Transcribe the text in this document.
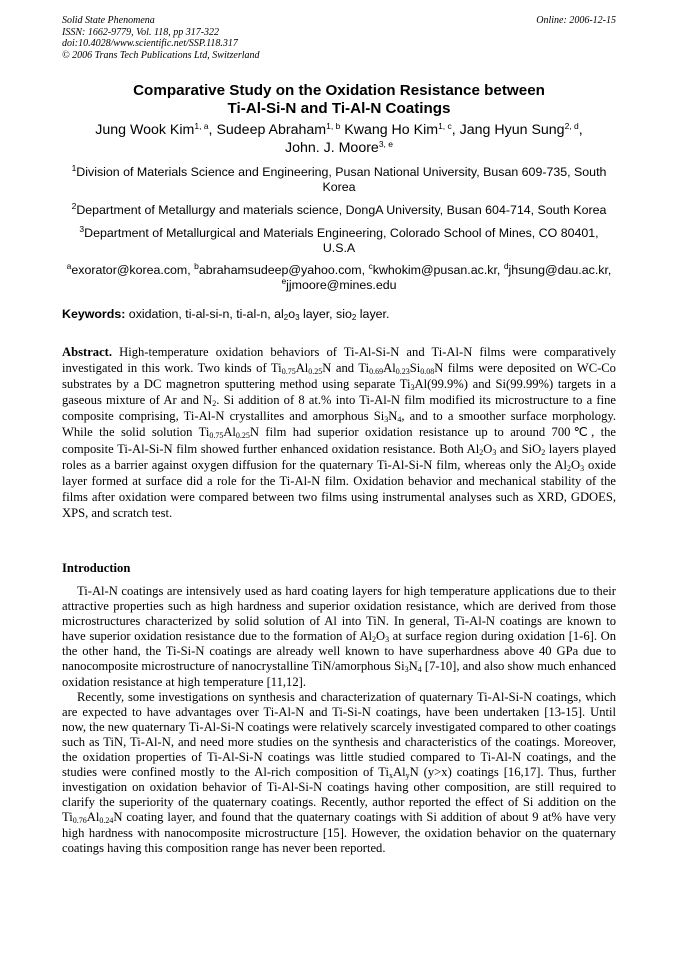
Solid State Phenomena
ISSN: 1662-9779, Vol. 118, pp 317-322
doi:10.4028/www.scientific.net/SSP.118.317
© 2006 Trans Tech Publications Ltd, Switzerland
Online: 2006-12-15
Comparative Study on the Oxidation Resistance between
Ti-Al-Si-N and Ti-Al-N Coatings
Jung Wook Kim$^{1, a}$, Sudeep Abraham$^{1, b}$ Kwang Ho Kim$^{1, c}$, Jang Hyun Sung$^{2, d}$,
John. J. Moore$^{3, e}$
$^1$Division of Materials Science and Engineering, Pusan National University, Busan 609-735, South Korea
$^2$Department of Metallurgy and materials science, DongA University, Busan 604-714, South Korea
$^3$Department of Metallurgical and Materials Engineering, Colorado School of Mines, CO 80401, U.S.A
$^a$exorator@korea.com, $^b$abrahamsudeep@yahoo.com, $^c$kwhokim@pusan.ac.kr, $^d$jhsung@dau.ac.kr,
$^e$jjmoore@mines.edu
Keywords: oxidation, ti-al-si-n, ti-al-n, $al_2o_3$ layer, sio$_2$ layer.

Abstract. High-temperature oxidation behaviors of Ti-Al-Si-N and Ti-Al-N films were comparatively investigated in this work. Two kinds of $Ti_{0.75}Al_{0.25}N$ and $Ti_{0.69}Al_{0.23}Si_{0.08}N$ films were deposited on WC-Co substrates by a DC magnetron sputtering method using separate $Ti_3Al(99.9\%)$ and Si(99.99%) targets in a gaseous mixture of Ar and $N_2$. Si addition of 8 at.% into Ti-Al-N film modified its microstructure to a fine composite comprising, Ti-Al-N crystallites and amorphous $Si_3N_4$, and to a smoother surface morphology. While the solid solution $Ti_{0.75}Al_{0.25}N$ film had superior oxidation resistance up to around 700℃, the composite Ti-Al-Si-N film showed further enhanced oxidation resistance. Both $Al_2O_3$ and SiO$_2$ layers played roles as a barrier against oxygen diffusion for the quaternary Ti-Al-Si-N film, whereas only the $Al_2O_3$ oxide layer formed at surface did a role for the Ti-Al-N film. Oxidation behavior and mechanical stability of the films after oxidation were compared between two films using instrumental analyses such as XRD, GDOES, XPS, and scratch test.

Introduction

Ti-Al-N coatings are intensively used as hard coating layers for high temperature applications due to their attractive properties such as high hardness and superior oxidation resistance, which are derived from those microstructures characterized by solid solution of Al into TiN. In general, Ti-Al-N coatings are known to have superior oxidation resistance due to the formation of $Al_2O_3$ at surface region during oxidation [1-6]. On the other hand, the Ti-Si-N coatings are already well known to have superhardness above 40 GPa due to nanocomposite microstructure of nanocrystalline TiN/amorphous $Si_3N_4$ [7-10], and also show much enhanced oxidation resistance at high temperature [11,12].

Recently, some investigations on synthesis and characterization of quaternary Ti-Al-Si-N coatings, which are expected to have advantages over Ti-Al-N and Ti-Si-N coatings, have been undertaken [13-15]. Until now, the new quaternary Ti-Al-Si-N coatings were relatively scarcely investigated compared to other coatings such as TiN, Ti-Al-N, and need more studies on the synthesis and characteristics of the coatings. Moreover, the oxidation properties of Ti-Al-Si-N coatings was little studied compared to Ti-Al-N coatings, and the studies were confined mostly to the Al-rich composition of $Ti_xAl_yN$ (y>x) coatings [16,17]. Thus, further investigation on oxidation behavior of Ti-Al-Si-N coatings having other composition, are still required to clarify the superiority of the quaternary coatings. Recently, author reported the effect of Si addition on the $Ti_{0.76}Al_{0.24}N$ coating layer, and found that the quaternary coatings with Si addition of about 9 at% have very high hardness with nanocomposite microstructure [15]. However, the oxidation behavior on the quaternary coatings having this composition range has never been reported.
